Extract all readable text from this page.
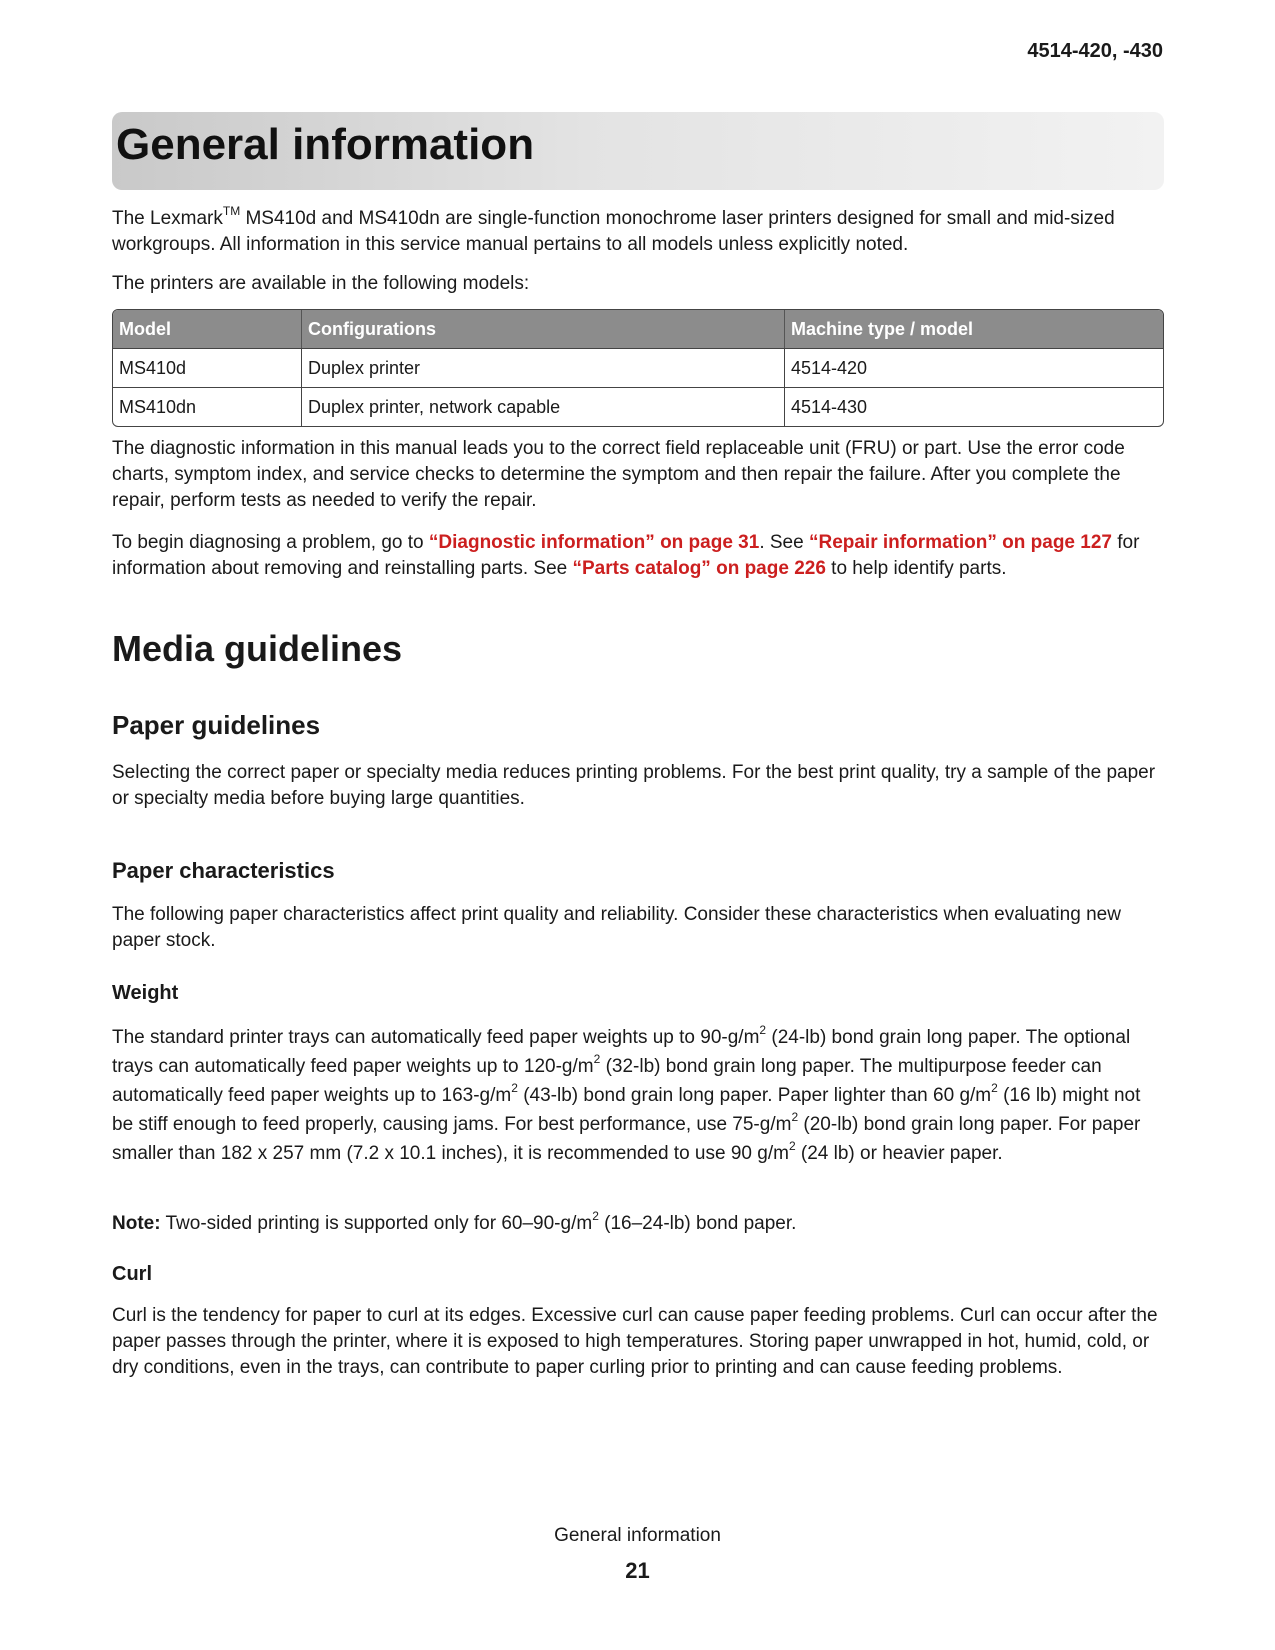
4514-420, -430
General information

The Lexmark™ MS410d and MS410dn are single-function monochrome laser printers designed for small and mid-sized workgroups. All information in this service manual pertains to all models unless explicitly noted.

The printers are available in the following models:

Model	Configurations	Machine type / model
MS410d	Duplex printer	4514-420
MS410dn	Duplex printer, network capable	4514-430

The diagnostic information in this manual leads you to the correct field replaceable unit (FRU) or part. Use the error code charts, symptom index, and service checks to determine the symptom and then repair the failure. After you complete the repair, perform tests as needed to verify the repair.

To begin diagnosing a problem, go to “Diagnostic information” on page 31. See “Repair information” on page 127 for information about removing and reinstalling parts. See “Parts catalog” on page 226 to help identify parts.

Media guidelines
Paper guidelines

Selecting the correct paper or specialty media reduces printing problems. For the best print quality, try a sample of the paper or specialty media before buying large quantities.

Paper characteristics

The following paper characteristics affect print quality and reliability. Consider these characteristics when evaluating new paper stock.

Weight

The standard printer trays can automatically feed paper weights up to $90-g/m^2$ (24-lb) bond grain long paper. The optional trays can automatically feed paper weights up to $120-g/m^2$ (32-lb) bond grain long paper. The multipurpose feeder can automatically feed paper weights up to $163-g/m^2$ (43-lb) bond grain long paper. Paper lighter than 60 $g/m^2$ (16 lb) might not be stiff enough to feed properly, causing jams. For best performance, use $75-g/m^2$ (20-lb) bond grain long paper. For paper smaller than 182 x 257 mm (7.2 x 10.1 inches), it is recommended to use 90 $g/m^2$ (24 lb) or heavier paper.

Note: Two-sided printing is supported only for $60-90-g/m^2$ (16–24-lb) bond paper.

Curl

Curl is the tendency for paper to curl at its edges. Excessive curl can cause paper feeding problems. Curl can occur after the paper passes through the printer, where it is exposed to high temperatures. Storing paper unwrapped in hot, humid, cold, or dry conditions, even in the trays, can contribute to paper curling prior to printing and can cause feeding problems.

General information
21
